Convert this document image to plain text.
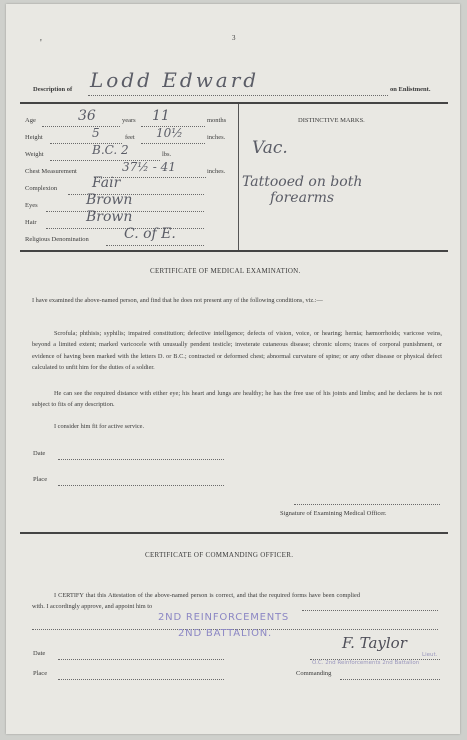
'	3
Description of Lodd Edward	on Enlistment.
Age	36	years 11	months
Height	5	feet 10½	inches.
Weight	B.C. 2	lbs.
Chest Measurement	37½ - 41	inches.
Complexion Fair
Eyes	Brown
Hair	Brown
Religious Denomination	C. of E.
DISTINCTIVE MARKS.
Vac.
Tattooed on both
forearms
CERTIFICATE OF MEDICAL EXAMINATION.
I have examined the above-named person, and find that he does not present any of the following conditions, viz.:—
Scrofula; phthisis; syphilis; impaired constitution; defective intelligence; defects of vision, voice, or hearing; hernia; hæmorrhoids; varicose veins, beyond a limited extent; marked varicocele with unusually pendent testicle; inveterate cutaneous disease; chronic ulcers; traces of corporal punishment, or evidence of having been marked with the letters D. or B.C.; contracted or deformed chest; abnormal curvature of spine; or any other disease or physical defect calculated to unfit him for the duties of a soldier.
He can see the required distance with either eye; his heart and lungs are healthy; he has the free use of his joints and limbs; and he declares he is not subject to fits of any description.
I consider him fit for active service.
Date
Place
Signature of Examining Medical Officer.
CERTIFICATE OF COMMANDING OFFICER.
I CERTIFY that this Attestation of the above-named person is correct, and that the required forms have been complied with. I accordingly approve, and appoint him to
2ND REINFORCEMENTS
2ND BATTALION.
Date
F. Taylor
Lieut.
O.C. 2nd Reinforcements 2nd Battalion
Place	Commanding
